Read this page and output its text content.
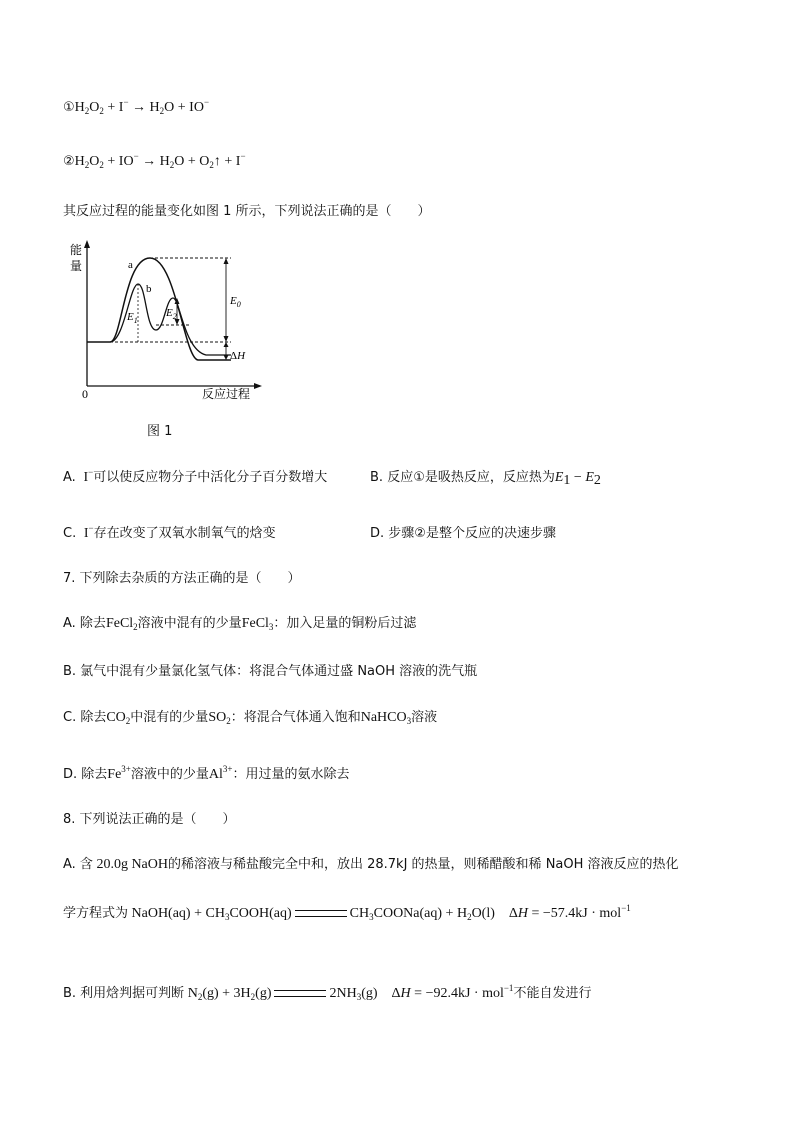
$①H_2O_2 + I^- \to H_2O + IO^-$
$②H_2O_2 + IO^- \to H_2O$ + $O_2↑ + I^-$
其反应过程的能量变化如图 1 所示，下列说法正确的是（　　）
能
量
0	反应过程
a
b
$E_0$
ΔH
$E_1$
$E_2$
图 1
A.  I−可以使反应物分子中活化分子百分数增大	B. 反应①是吸热反应，反应热为$E_1 - E_2$
C.  I−存在改变了双氧水制氧气的焓变	D. 步骤②是整个反应的决速步骤
7. 下列除去杂质的方法正确的是（　　）
A. 除去FeCl$_2$溶液中混有的少量FeCl$_3$：加入足量的铜粉后过滤
B. 氯气中混有少量氯化氢气体：将混合气体通过盛 NaOH 溶液的洗气瓶
C. 除去$CO_2$中混有的少量$SO_2$：将混合气体通入饱和NaHCO$_3$溶液
D. 除去$Fe^{3+}$溶液中的少量$Al^{3+}$：用过量的氨水除去
8. 下列说法正确的是（　　）
A. 含 20.0g NaOH的稀溶液与稀盐酸完全中和，放出 28.7kJ 的热量，则稀醋酸和稀 NaOH 溶液反应的热化
学方程式为 NaOH(aq) + $CH_3COOH(aq)$	$CH_3COONa(aq) + H_2O(l)$    ΔH = −57.4kJ · mol$^{-1}$
B. 利用焓判据可判断 $N_2(g) + 3H_2(g)$	$2NH_3(g)$    ΔH = −92.4kJ · mol$^{-1}$不能自发进行
